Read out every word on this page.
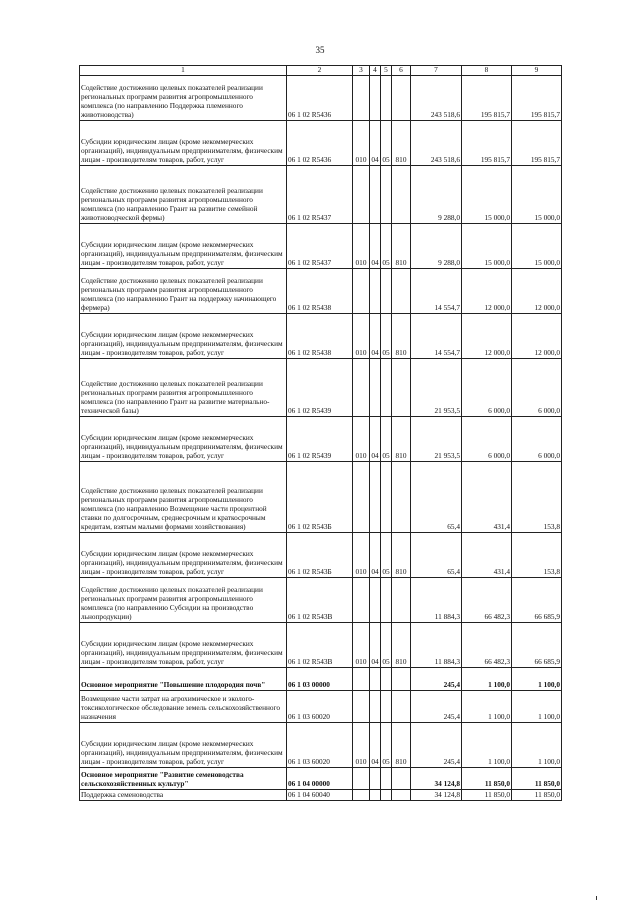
35
1	2	3	4	5	6	7	8	9
Содействие достижению целевых показателей реализации региональных программ развития агропромышленного комплекса (по направлению Поддержка племенного животноводства)	06 1 02 R5436					243 518,6	195 815,7	195 815,7
Субсидии юридическим лицам (кроме некоммерческих организаций), индивидуальным предпринимателям, физическим лицам - производителям товаров, работ, услуг	06 1 02 R5436	010	04	05	810	243 518,6	195 815,7	195 815,7
Содействие достижению целевых показателей реализации региональных программ развития агропромышленного комплекса (по направлению Грант на развитие семейной животноводческой фермы)	06 1 02 R5437					9 288,0	15 000,0	15 000,0
Субсидии юридическим лицам (кроме некоммерческих организаций), индивидуальным предпринимателям, физическим лицам - производителям товаров, работ, услуг	06 1 02 R5437	010	04	05	810	9 288,0	15 000,0	15 000,0
Содействие достижению целевых показателей реализации региональных программ развития агропромышленного комплекса (по направлению Грант на поддержку начинающего фермера)	06 1 02 R5438					14 554,7	12 000,0	12 000,0
Субсидии юридическим лицам (кроме некоммерческих организаций), индивидуальным предпринимателям, физическим лицам - производителям товаров, работ, услуг	06 1 02 R5438	010	04	05	810	14 554,7	12 000,0	12 000,0
Содействие достижению целевых показателей реализации региональных программ развития агропромышленного комплекса (по направлению Грант на развитие материально-технической базы)	06 1 02 R5439					21 953,5	6 000,0	6 000,0
Субсидии юридическим лицам (кроме некоммерческих организаций), индивидуальным предпринимателям, физическим лицам - производителям товаров, работ, услуг	06 1 02 R5439	010	04	05	810	21 953,5	6 000,0	6 000,0
Содействие достижению целевых показателей реализации региональных программ развития агропромышленного комплекса (по направлению Возмещение части процентной ставки по долгосрочным, среднесрочным и краткосрочным кредитам, взятым малыми формами хозяйствования)	06 1 02 R543Б					65,4	431,4	153,8
Субсидии юридическим лицам (кроме некоммерческих организаций), индивидуальным предпринимателям, физическим лицам - производителям товаров, работ, услуг	06 1 02 R543Б	010	04	05	810	65,4	431,4	153,8
Содействие достижению целевых показателей реализации региональных программ развития агропромышленного комплекса (по направлению Субсидии на производство льнопродукции)	06 1 02 R543В					11 884,3	66 482,3	66 685,9
Субсидии юридическим лицам (кроме некоммерческих организаций), индивидуальным предпринимателям, физическим лицам - производителям товаров, работ, услуг	06 1 02 R543В	010	04	05	810	11 884,3	66 482,3	66 685,9
Основное мероприятие "Повышение плодородия почв"	06 1 03 00000					245,4	1 100,0	1 100,0
Возмещение части затрат на агрохимическое и эколого-токсикологическое обследование земель сельскохозяйственного назначения	06 1 03 60020					245,4	1 100,0	1 100,0
Субсидии юридическим лицам (кроме некоммерческих организаций), индивидуальным предпринимателям, физическим лицам - производителям товаров, работ, услуг	06 1 03 60020	010	04	05	810	245,4	1 100,0	1 100,0
Основное мероприятие "Развитие семеноводства сельскохозяйственных культур"	06 1 04 00000					34 124,8	11 850,0	11 850,0
Поддержка семеноводства	06 1 04 60040					34 124,8	11 850,0	11 850,0
